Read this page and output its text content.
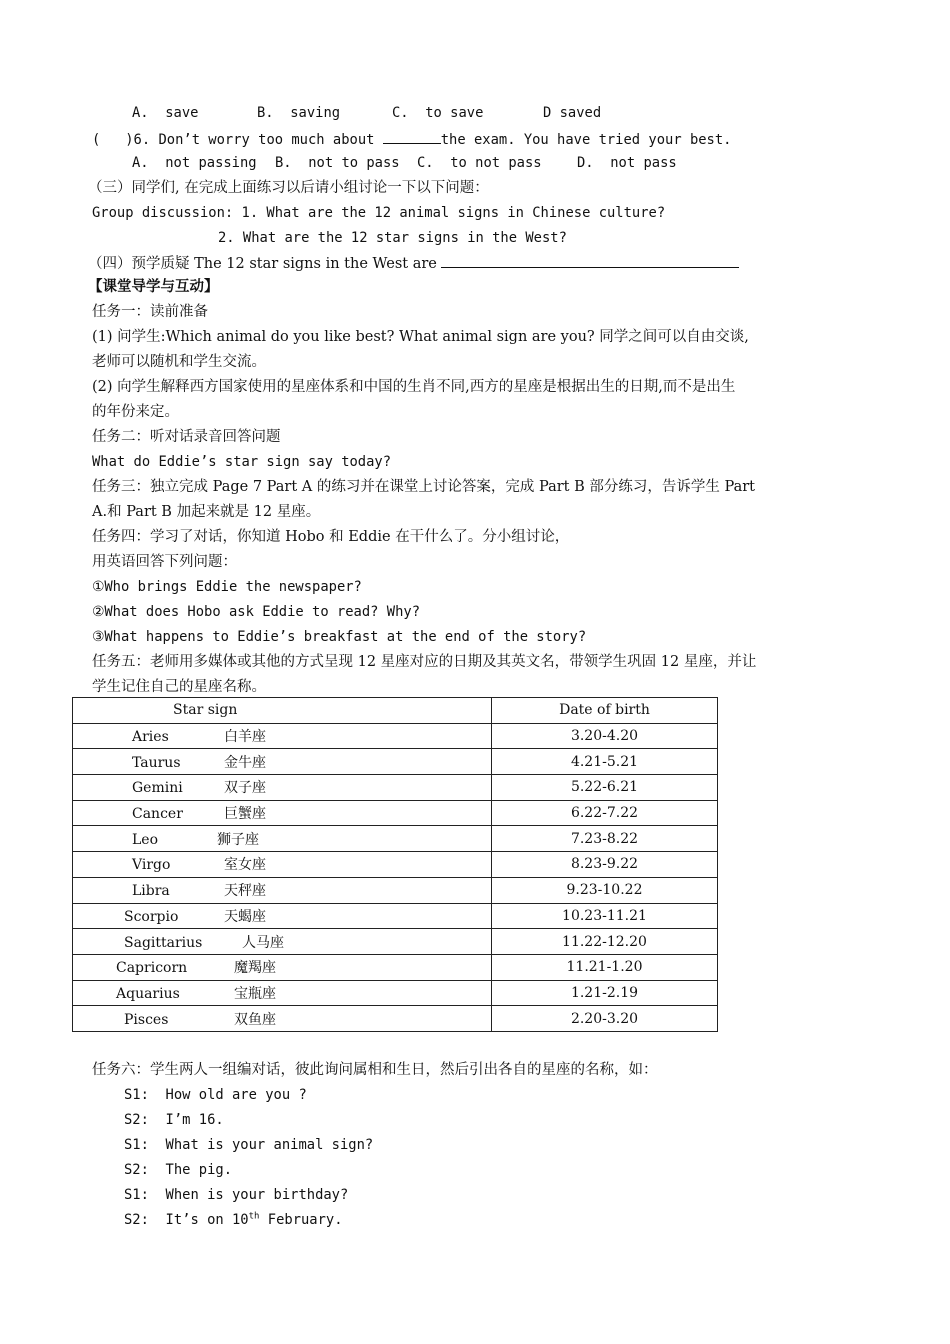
A.  save	B.  saving	C.  to save	D saved
( )6. Don’t worry too much about	the exam. You have tried your best.
A.  not passing B.  not to pass C.  to not pass	D.  not pass
（三）同学们, 在完成上面练习以后请小组讨论一下以下问题：
Group discussion: 1. What are the 12 animal signs in Chinese culture?
2. What are the 12 star signs in the West?
（四）预学质疑 The 12 star signs in the West are
【课堂导学与互动】
任务一：读前准备
(1) 问学生:Which animal do you like best? What animal sign are you? 同学之间可以自由交谈,
老师可以随机和学生交流。
(2) 向学生解释西方国家使用的星座体系和中国的生肖不同,西方的星座是根据出生的日期,而不是出生
的年份来定。
任务二：听对话录音回答问题
What do Eddie’s star sign say today?
任务三：独立完成 Page 7 Part A 的练习并在课堂上讨论答案，完成 Part B 部分练习，告诉学生 Part
A.和 Part B 加起来就是 12 星座。
任务四：学习了对话，你知道 Hobo 和 Eddie 在干什么了。分小组讨论，
用英语回答下列问题：
①Who brings Eddie the newspaper?
②What does Hobo ask Eddie to read? Why?
③What happens to Eddie’s breakfast at the end of the story?
任务五：老师用多媒体或其他的方式呈现 12 星座对应的日期及其英文名，带领学生巩固 12 星座，并让
学生记住自己的星座名称。
Star sign	Date of birth
Aries 白羊座	3.20-4.20
Taurus 金牛座	4.21-5.21
Gemini 双子座	5.22-6.21
Cancer 巨蟹座	6.22-7.22
Leo 狮子座	7.23-8.22
Virgo 室女座	8.23-9.22
Libra 天秤座	9.23-10.22
Scorpio 天蝎座	10.23-11.21
Sagittarius 人马座	11.22-12.20
Capricorn 魔羯座	11.21-1.20
Aquarius 宝瓶座	1.21-2.19
Pisces 双鱼座	2.20-3.20
任务六：学生两人一组编对话，彼此询问属相和生日，然后引出各自的星座的名称，如：
S1: How old are you ?
S2: I’m 16.
S1: What is your animal sign?
S2: The pig.
S1: When is your birthday?
S2: It’s on 10th February.
